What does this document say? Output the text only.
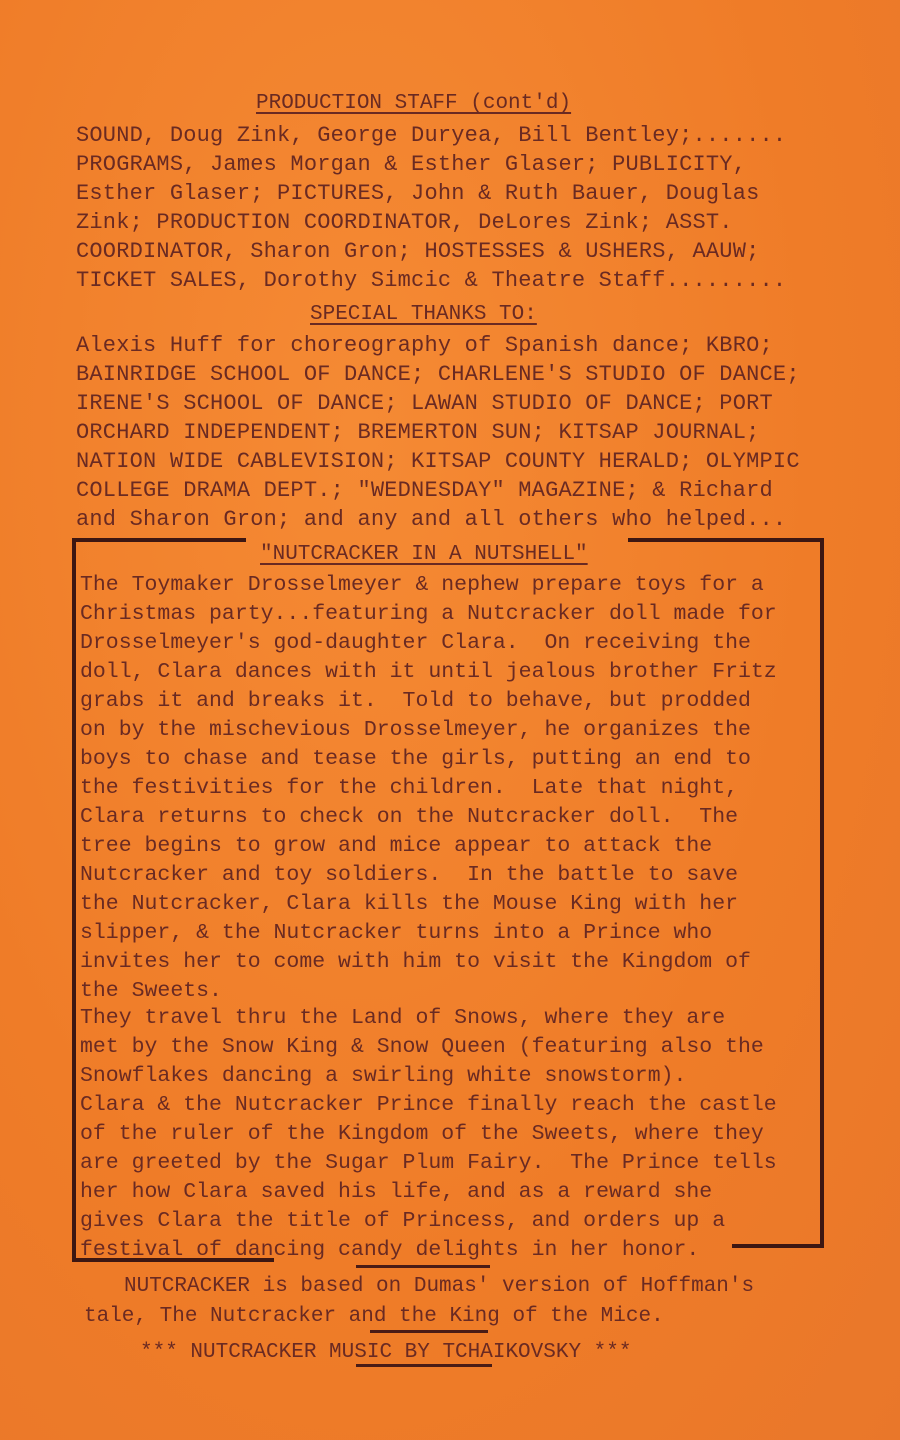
PRODUCTION STAFF (cont'd)
SOUND, Doug Zink, George Duryea, Bill Bentley;.......
PROGRAMS, James Morgan & Esther Glaser; PUBLICITY,
Esther Glaser; PICTURES, John & Ruth Bauer, Douglas
Zink; PRODUCTION COORDINATOR, DeLores Zink; ASST.
COORDINATOR, Sharon Gron; HOSTESSES & USHERS, AAUW;
TICKET SALES, Dorothy Simcic & Theatre Staff.........
SPECIAL THANKS TO:
Alexis Huff for choreography of Spanish dance; KBRO;
BAINRIDGE SCHOOL OF DANCE; CHARLENE'S STUDIO OF DANCE;
IRENE'S SCHOOL OF DANCE; LAWAN STUDIO OF DANCE; PORT
ORCHARD INDEPENDENT; BREMERTON SUN; KITSAP JOURNAL;
NATION WIDE CABLEVISION; KITSAP COUNTY HERALD; OLYMPIC
COLLEGE DRAMA DEPT.; "WEDNESDAY" MAGAZINE; & Richard
and Sharon Gron; and any and all others who helped...
"NUTCRACKER IN A NUTSHELL"
The Toymaker Drosselmeyer & nephew prepare toys for a
Christmas party...featuring a Nutcracker doll made for
Drosselmeyer's god-daughter Clara.  On receiving the
doll, Clara dances with it until jealous brother Fritz
grabs it and breaks it.  Told to behave, but prodded
on by the mischevious Drosselmeyer, he organizes the
boys to chase and tease the girls, putting an end to
the festivities for the children.  Late that night,
Clara returns to check on the Nutcracker doll.  The
tree begins to grow and mice appear to attack the
Nutcracker and toy soldiers.  In the battle to save
the Nutcracker, Clara kills the Mouse King with her
slipper, & the Nutcracker turns into a Prince who
invites her to come with him to visit the Kingdom of
the Sweets.
They travel thru the Land of Snows, where they are
met by the Snow King & Snow Queen (featuring also the
Snowflakes dancing a swirling white snowstorm).
Clara & the Nutcracker Prince finally reach the castle
of the ruler of the Kingdom of the Sweets, where they
are greeted by the Sugar Plum Fairy.  The Prince tells
her how Clara saved his life, and as a reward she
gives Clara the title of Princess, and orders up a
festival of dancing candy delights in her honor.
NUTCRACKER is based on Dumas' version of Hoffman's
tale, The Nutcracker and the King of the Mice.
*** NUTCRACKER MUSIC BY TCHAIKOVSKY ***
